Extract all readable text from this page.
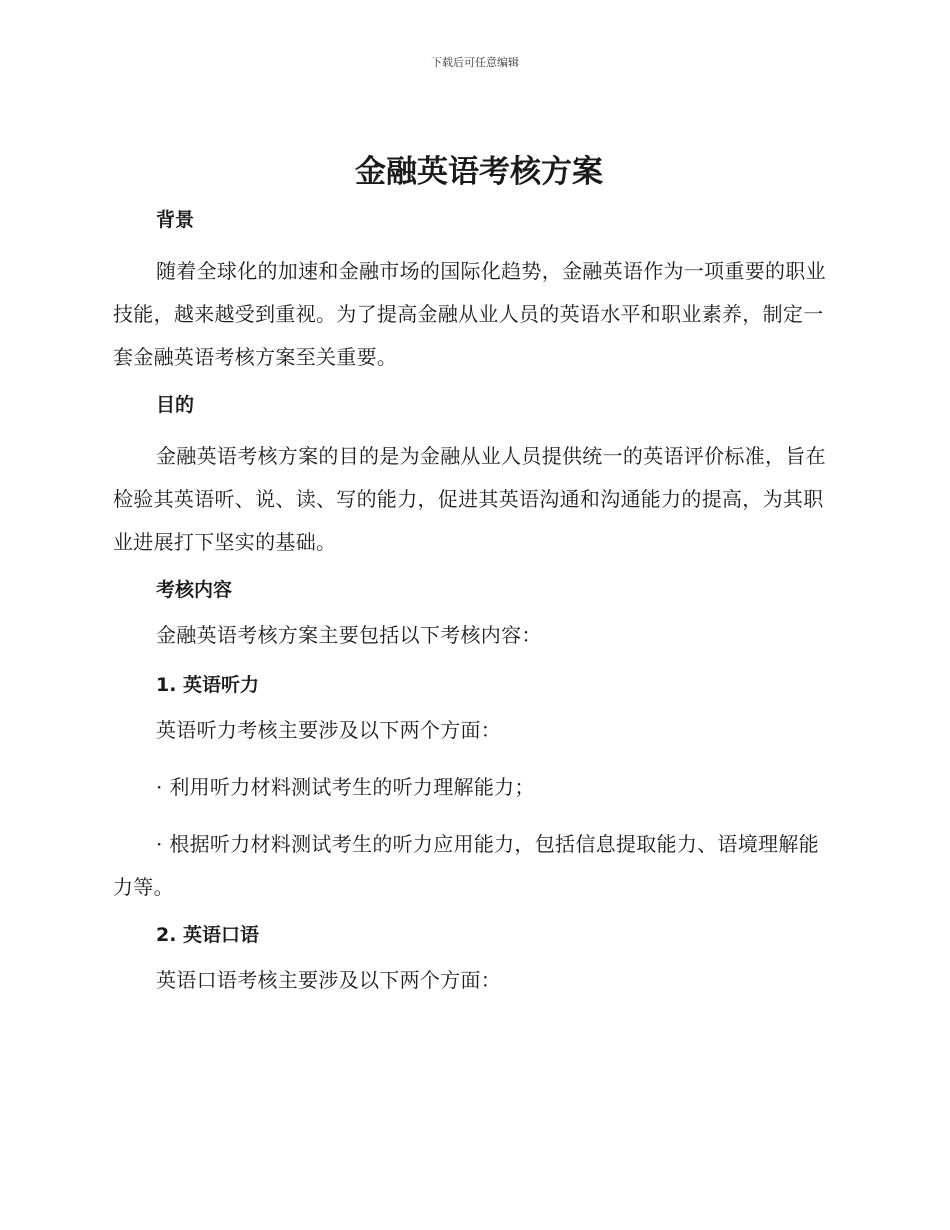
下载后可任意编辑
金融英语考核方案
背景

随着全球化的加速和金融市场的国际化趋势，金融英语作为一项重要的职业技能，越来越受到重视。为了提高金融从业人员的英语水平和职业素养，制定一套金融英语考核方案至关重要。

目的

金融英语考核方案的目的是为金融从业人员提供统一的英语评价标准，旨在检验其英语听、说、读、写的能力，促进其英语沟通和沟通能力的提高，为其职业进展打下坚实的基础。

考核内容

金融英语考核方案主要包括以下考核内容：

1. 英语听力

英语听力考核主要涉及以下两个方面：

· 利用听力材料测试考生的听力理解能力；

· 根据听力材料测试考生的听力应用能力，包括信息提取能力、语境理解能力等。

2. 英语口语

英语口语考核主要涉及以下两个方面：
